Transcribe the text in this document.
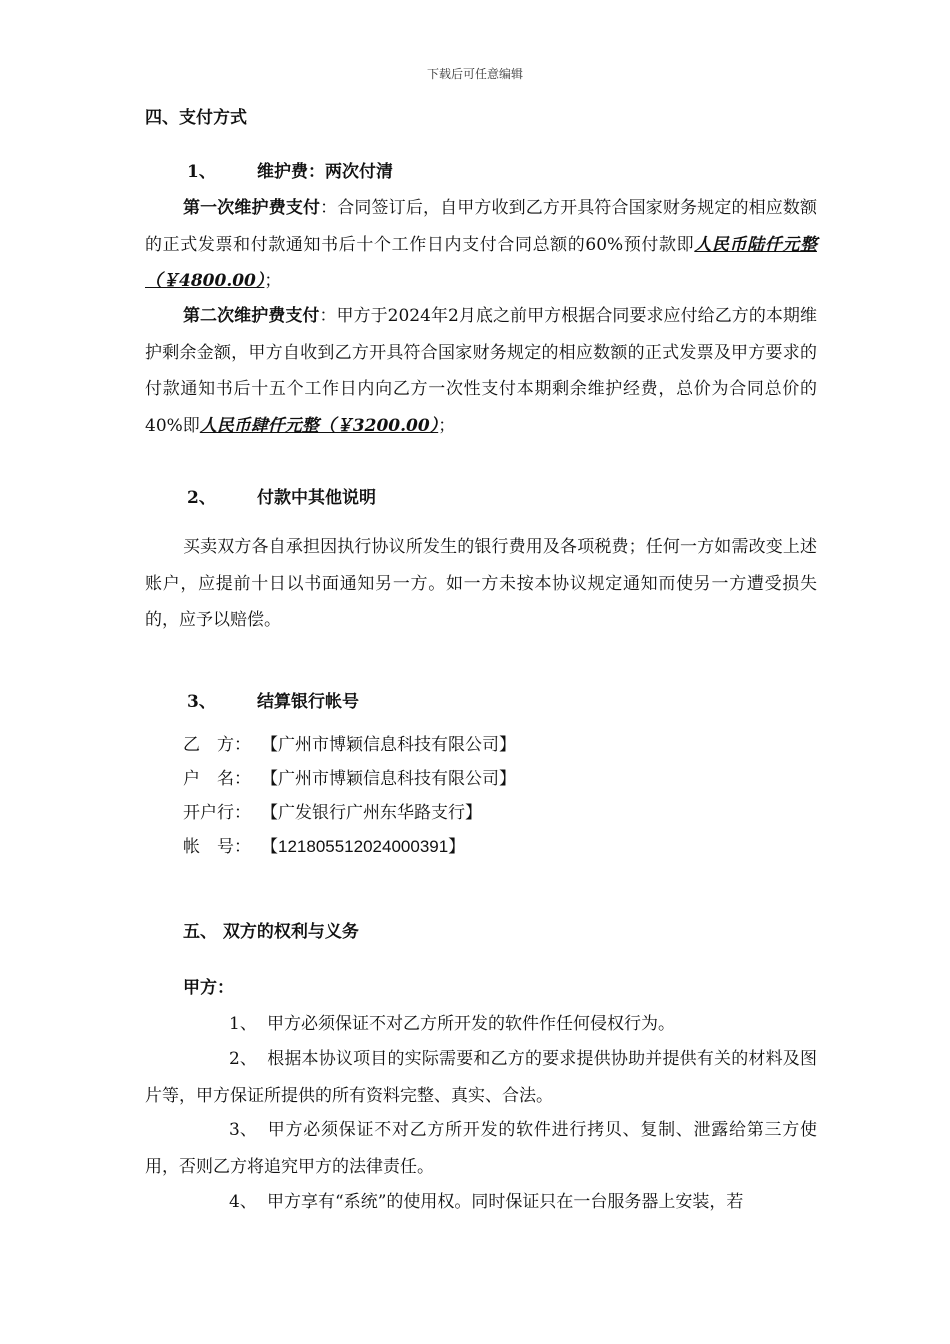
下载后可任意编辑
四、支付方式
1、 维护费：两次付清
第一次维护费支付：合同签订后，自甲方收到乙方开具符合国家财务规定的相应数额的正式发票和付款通知书后十个工作日内支付合同总额的60%预付款即人民币陆仟元整（￥4800.00）；
第二次维护费支付：甲方于2024年2月底之前甲方根据合同要求应付给乙方的本期维护剩余金额，甲方自收到乙方开具符合国家财务规定的相应数额的正式发票及甲方要求的付款通知书后十五个工作日内向乙方一次性支付本期剩余维护经费，总价为合同总价的40%即人民币肆仟元整（￥3200.00）；
2、 付款中其他说明
买卖双方各自承担因执行协议所发生的银行费用及各项税费；任何一方如需改变上述账户，应提前十日以书面通知另一方。如一方未按本协议规定通知而使另一方遭受损失的，应予以赔偿。
3、 结算银行帐号
乙　方： 【广州市博颖信息科技有限公司】
户　名： 【广州市博颖信息科技有限公司】
开户行： 【广发银行广州东华路支行】
帐　号： 【121805512024000391】
五、 双方的权利与义务
甲方：
1、 甲方必须保证不对乙方所开发的软件作任何侵权行为。
2、 根据本协议项目的实际需要和乙方的要求提供协助并提供有关的材料及图片等，甲方保证所提供的所有资料完整、真实、合法。
3、 甲方必须保证不对乙方所开发的软件进行拷贝、复制、泄露给第三方使用，否则乙方将追究甲方的法律责任。
4、 甲方享有“系统”的使用权。同时保证只在一台服务器上安装，若
